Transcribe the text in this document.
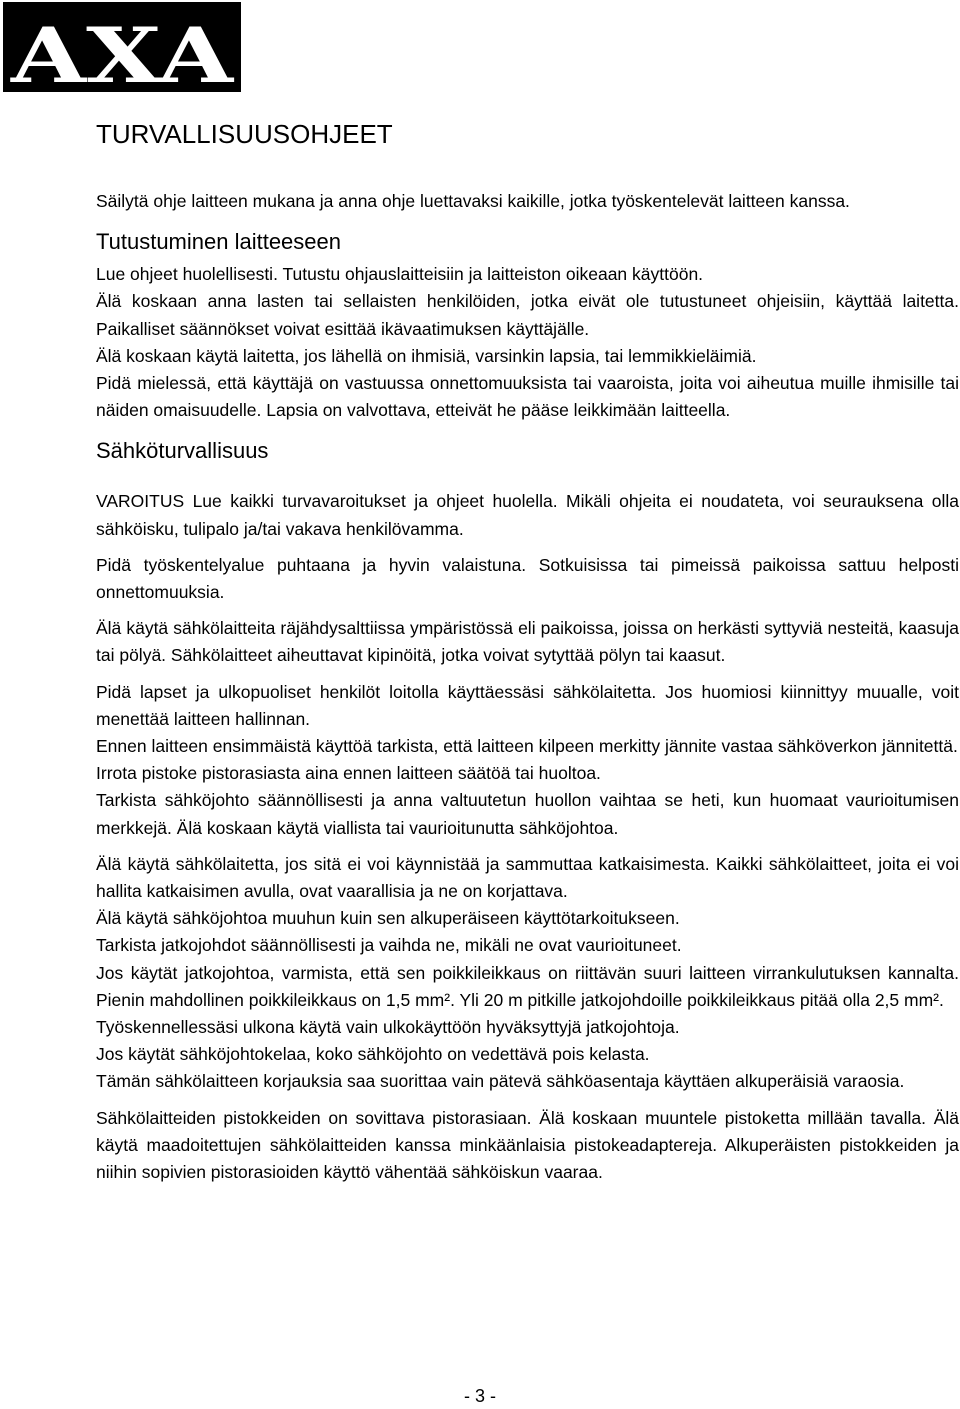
AXA
TURVALLISUUSOHJEET

Säilytä ohje laitteen mukana ja anna ohje luettavaksi kaikille, jotka työskentelevät laitteen kanssa.

Tutustuminen laitteeseen

Lue ohjeet huolellisesti. Tutustu ohjauslaitteisiin ja laitteiston oikeaan käyttöön.

Älä koskaan anna lasten tai sellaisten henkilöiden, jotka eivät ole tutustuneet ohjeisiin, käyttää laitetta. Paikalliset säännökset voivat esittää ikävaatimuksen käyttäjälle.

Älä koskaan käytä laitetta, jos lähellä on ihmisiä, varsinkin lapsia, tai lemmikkieläimiä.

Pidä mielessä, että käyttäjä on vastuussa onnettomuuksista tai vaaroista, joita voi aiheutua muille ihmisille tai näiden omaisuudelle. Lapsia on valvottava, etteivät he pääse leikkimään laitteella.

Sähköturvallisuus

VAROITUS Lue kaikki turvavaroitukset ja ohjeet huolella. Mikäli ohjeita ei noudateta, voi seurauksena olla sähköisku, tulipalo ja/tai vakava henkilövamma.

Pidä työskentelyalue puhtaana ja hyvin valaistuna. Sotkuisissa tai pimeissä paikoissa sattuu helposti onnettomuuksia.

Älä käytä sähkölaitteita räjähdysalttiissa ympäristössä eli paikoissa, joissa on herkästi syttyviä nesteitä, kaasuja tai pölyä. Sähkölaitteet aiheuttavat kipinöitä, jotka voivat sytyttää pölyn tai kaasut.

Pidä lapset ja ulkopuoliset henkilöt loitolla käyttäessäsi sähkölaitetta. Jos huomiosi kiinnittyy muualle, voit menettää laitteen hallinnan.

Ennen laitteen ensimmäistä käyttöä tarkista, että laitteen kilpeen merkitty jännite vastaa sähköverkon jännitettä.

Irrota pistoke pistorasiasta aina ennen laitteen säätöä tai huoltoa.

Tarkista sähköjohto säännöllisesti ja anna valtuutetun huollon vaihtaa se heti, kun huomaat vaurioitumisen merkkejä. Älä koskaan käytä viallista tai vaurioitunutta sähköjohtoa.

Älä käytä sähkölaitetta, jos sitä ei voi käynnistää ja sammuttaa katkaisimesta. Kaikki sähkölaitteet, joita ei voi hallita katkaisimen avulla, ovat vaarallisia ja ne on korjattava.

Älä käytä sähköjohtoa muuhun kuin sen alkuperäiseen käyttötarkoitukseen.

Tarkista jatkojohdot säännöllisesti ja vaihda ne, mikäli ne ovat vaurioituneet.

Jos käytät jatkojohtoa, varmista, että sen poikkileikkaus on riittävän suuri laitteen virrankulutuksen kannalta. Pienin mahdollinen poikkileikkaus on 1,5 mm². Yli 20 m pitkille jatkojohdoille poikkileikkaus pitää olla 2,5 mm².

Työskennellessäsi ulkona käytä vain ulkokäyttöön hyväksyttyjä jatkojohtoja.

Jos käytät sähköjohtokelaa, koko sähköjohto on vedettävä pois kelasta.

Tämän sähkölaitteen korjauksia saa suorittaa vain pätevä sähköasentaja käyttäen alkuperäisiä varaosia.

Sähkölaitteiden pistokkeiden on sovittava pistorasiaan. Älä koskaan muuntele pistoketta millään tavalla. Älä käytä maadoitettujen sähkölaitteiden kanssa minkäänlaisia pistokeadaptereja. Alkuperäisten pistokkeiden ja niihin sopivien pistorasioiden käyttö vähentää sähköiskun vaaraa.

- 3 -
